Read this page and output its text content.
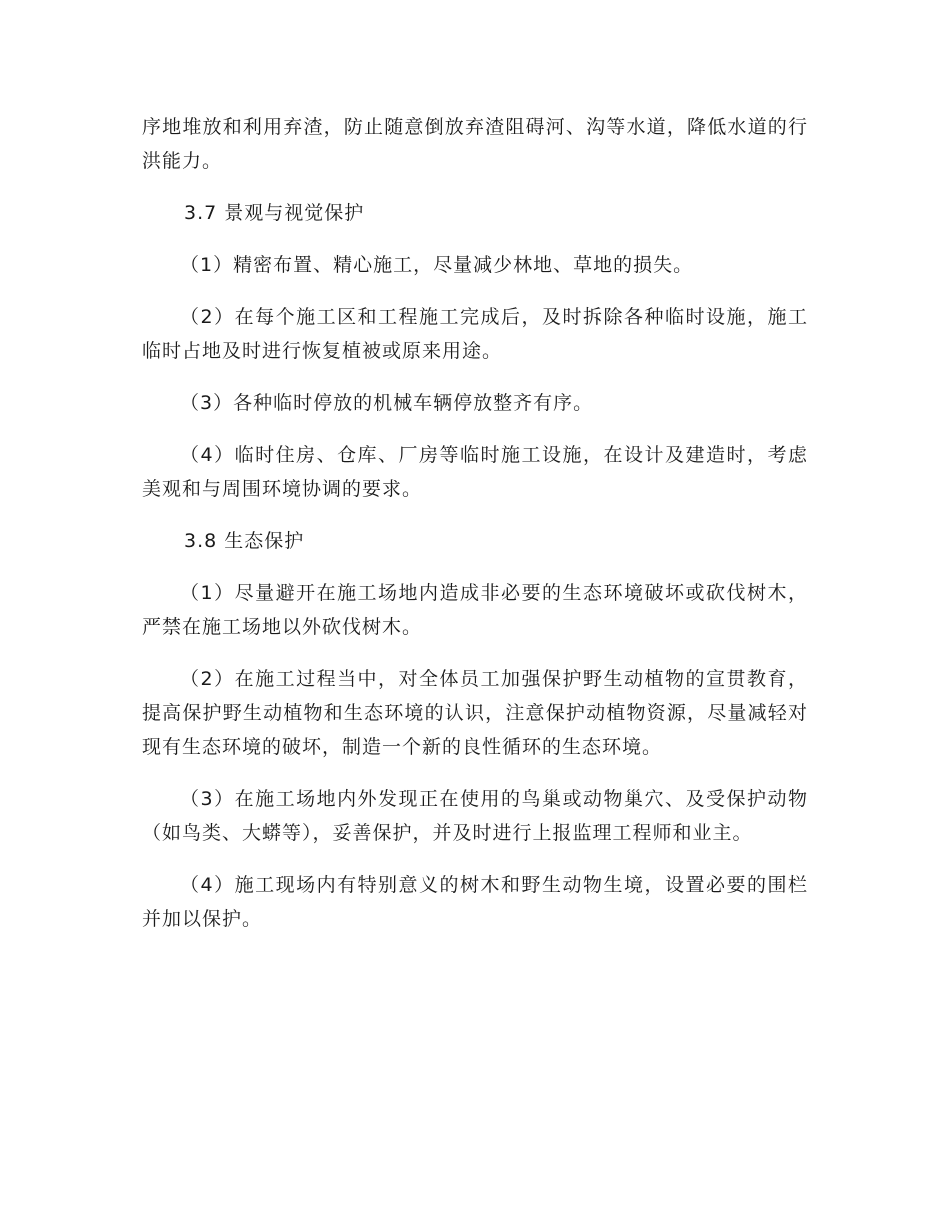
序地堆放和利用弃渣，防止随意倒放弃渣阻碍河、沟等水道，降低水道的行洪能力。

3.7 景观与视觉保护

（1）精密布置、精心施工，尽量减少林地、草地的损失。

（2）在每个施工区和工程施工完成后，及时拆除各种临时设施，施工临时占地及时进行恢复植被或原来用途。

（3）各种临时停放的机械车辆停放整齐有序。

（4）临时住房、仓库、厂房等临时施工设施，在设计及建造时，考虑美观和与周围环境协调的要求。

3.8 生态保护

（1）尽量避开在施工场地内造成非必要的生态环境破坏或砍伐树木，严禁在施工场地以外砍伐树木。

（2）在施工过程当中，对全体员工加强保护野生动植物的宣贯教育，提高保护野生动植物和生态环境的认识，注意保护动植物资源，尽量减轻对现有生态环境的破坏，制造一个新的良性循环的生态环境。

（3）在施工场地内外发现正在使用的鸟巢或动物巢穴、及受保护动物（如鸟类、大蟒等），妥善保护，并及时进行上报监理工程师和业主。

（4）施工现场内有特别意义的树木和野生动物生境，设置必要的围栏并加以保护。
